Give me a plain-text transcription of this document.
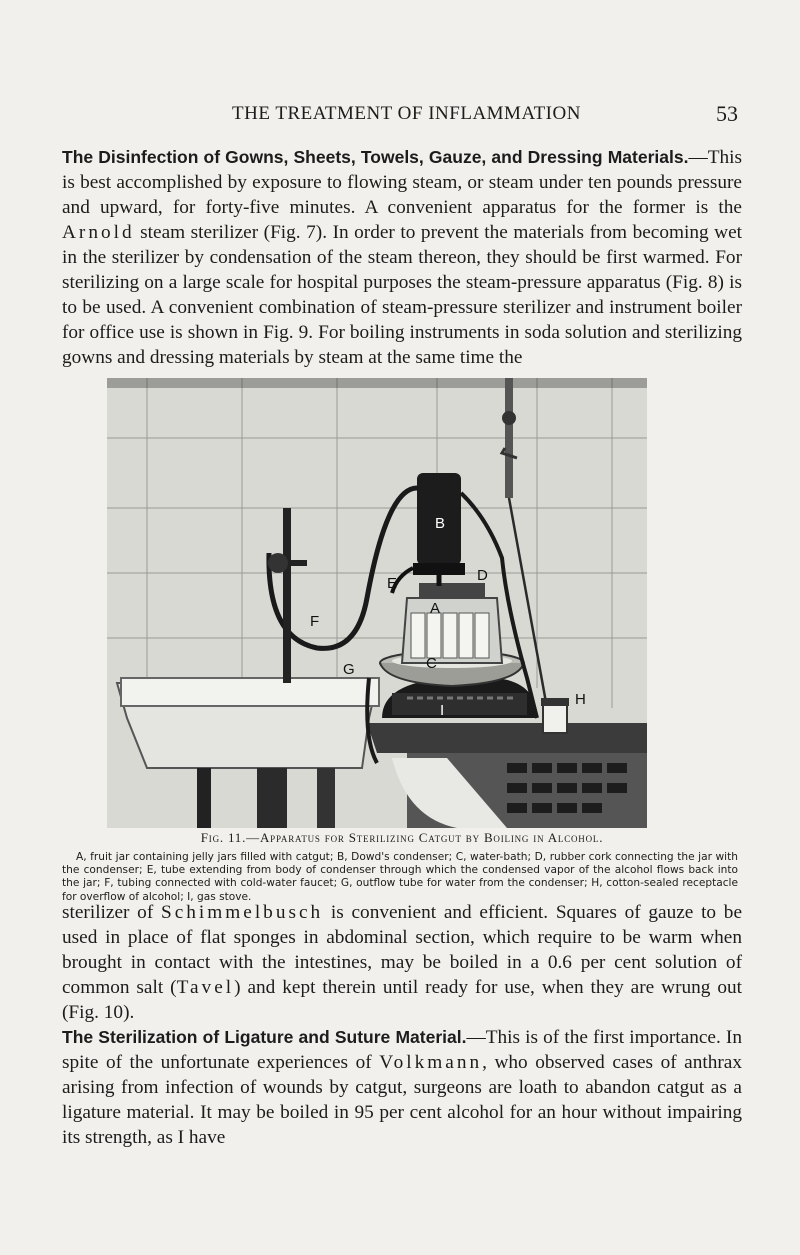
THE TREATMENT OF INFLAMMATION	53

The Disinfection of Gowns, Sheets, Towels, Gauze, and Dressing Materials.—This is best accomplished by exposure to flowing steam, or steam under ten pounds pressure and upward, for forty-five minutes. A convenient apparatus for the former is the Arnold steam sterilizer (Fig. 7). In order to prevent the materials from becoming wet in the sterilizer by condensation of the steam thereon, they should be first warmed. For sterilizing on a large scale for hospital purposes the steam-pressure apparatus (Fig. 8) is to be used. A convenient combination of steam-pressure sterilizer and instrument boiler for office use is shown in Fig. 9. For boiling instruments in soda solution and sterilizing gowns and dressing materials by steam at the same time the

B
D
E
A
F
C
G
H
I
Fig. 11.—Apparatus for Sterilizing Catgut by Boiling in Alcohol.

A, fruit jar containing jelly jars filled with catgut; B, Dowd's condenser; C, water-bath; D, rubber cork connecting the jar with the condenser; E, tube extending from body of condenser through which the condensed vapor of the alcohol flows back into the jar; F, tubing connected with cold-water faucet; G, outflow tube for water from the condenser; H, cotton-sealed receptacle for overflow of alcohol; I, gas stove.

sterilizer of Schimmelbusch is convenient and efficient. Squares of gauze to be used in place of flat sponges in abdominal section, which require to be warm when brought in contact with the intestines, may be boiled in a 0.6 per cent solution of common salt (Tavel) and kept therein until ready for use, when they are wrung out (Fig. 10).
The Sterilization of Ligature and Suture Material.—This is of the first importance. In spite of the unfortunate experiences of Volkmann, who observed cases of anthrax arising from infection of wounds by catgut, surgeons are loath to abandon catgut as a ligature material. It may be boiled in 95 per cent alcohol for an hour without impairing its strength, as I have
